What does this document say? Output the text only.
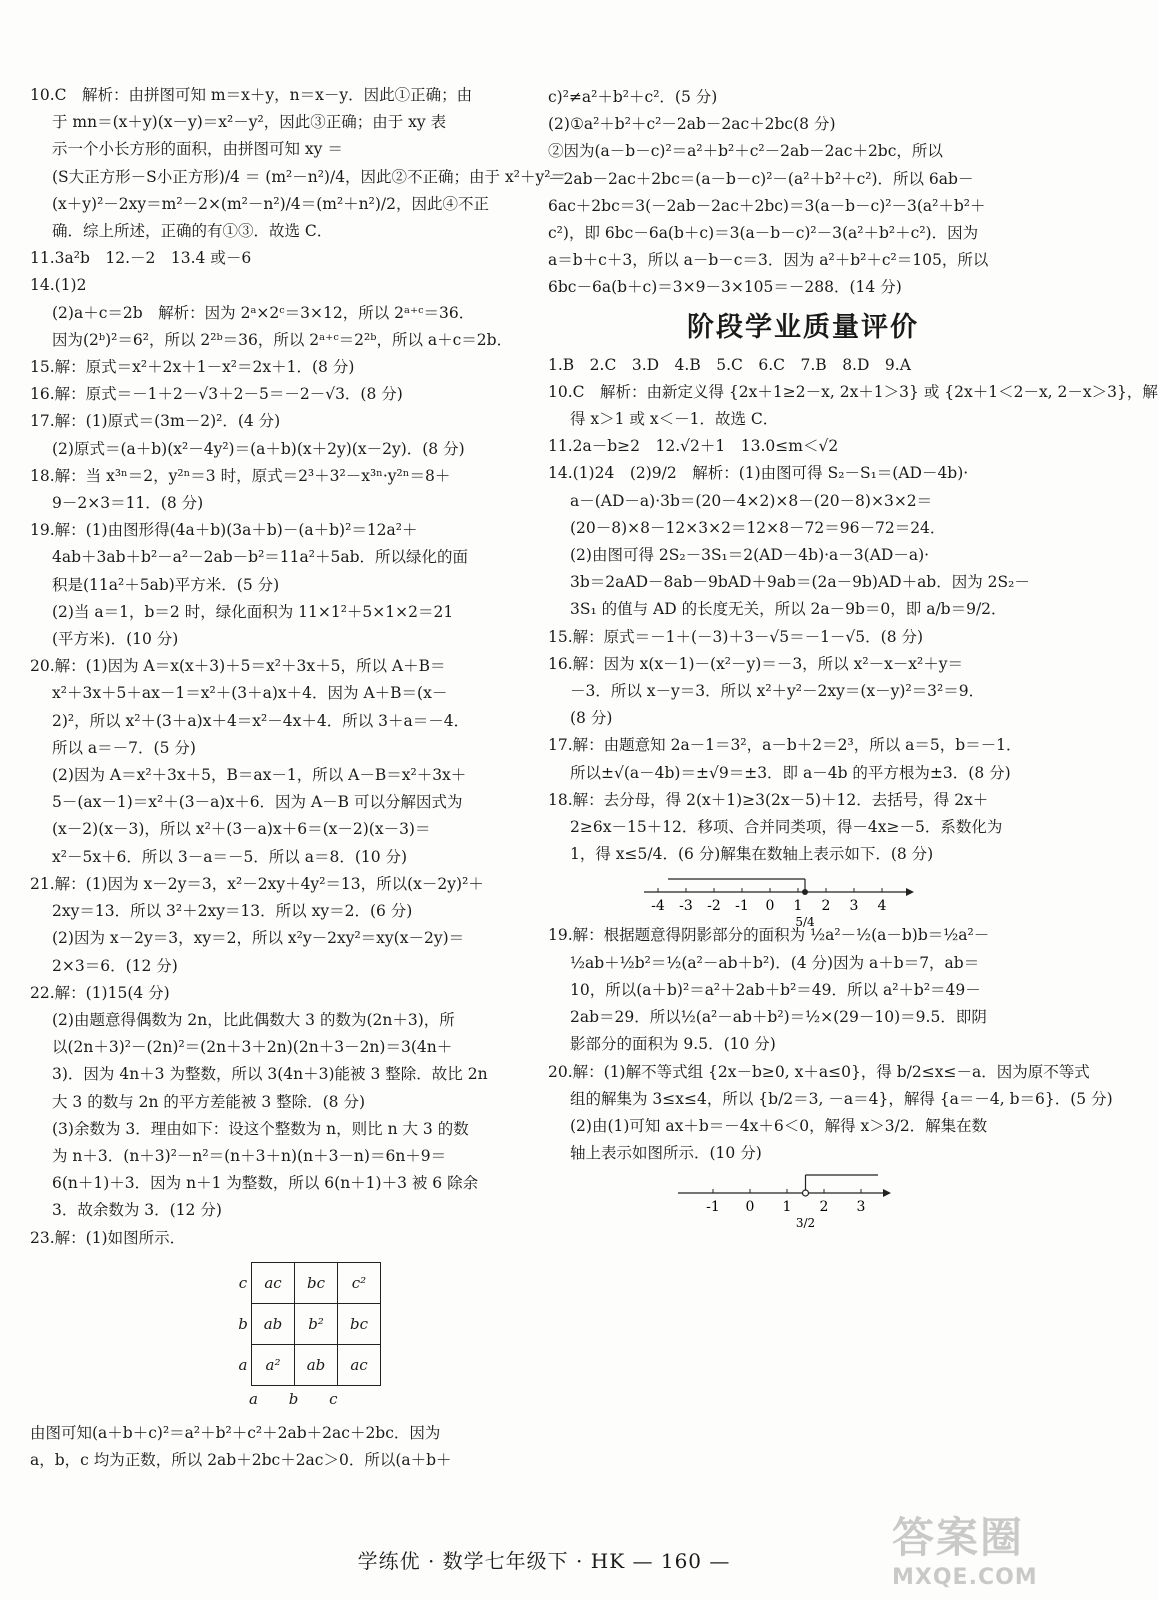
10.C　解析：由拼图可知 m＝x＋y，n＝x－y．因此①正确；由

于 mn＝(x＋y)(x－y)＝x²－y²，因此③正确；由于 xy 表

示一个小长方形的面积，由拼图可知 xy ＝

(S大正方形－S小正方形)/4 ＝ (m²－n²)/4，因此②不正确；由于 x²＋y²＝

(x＋y)²－2xy＝m²－2×(m²－n²)/4＝(m²＋n²)/2，因此④不正

确．综上所述，正确的有①③．故选 C．

11.3a²b　12.－2　13.4 或－6

14.(1)2

(2)a＋c＝2b　解析：因为 2ᵃ×2ᶜ＝3×12，所以 2ᵃ⁺ᶜ＝36．

因为(2ᵇ)²＝6²，所以 2²ᵇ＝36，所以 2ᵃ⁺ᶜ＝2²ᵇ，所以 a＋c＝2b．

15.解：原式＝x²＋2x＋1－x²＝2x＋1．(8 分)

16.解：原式＝－1＋2－√3＋2－5＝－2－√3．(8 分)

17.解：(1)原式＝(3m－2)²．(4 分)

(2)原式＝(a＋b)(x²－4y²)＝(a＋b)(x＋2y)(x－2y)．(8 分)

18.解：当 x³ⁿ＝2，y²ⁿ＝3 时，原式＝2³＋3²－x³ⁿ·y²ⁿ＝8＋

9－2×3＝11．(8 分)

19.解：(1)由图形得(4a＋b)(3a＋b)－(a＋b)²＝12a²＋

4ab＋3ab＋b²－a²－2ab－b²＝11a²＋5ab．所以绿化的面

积是(11a²＋5ab)平方米．(5 分)

(2)当 a＝1，b＝2 时，绿化面积为 11×1²＋5×1×2＝21

(平方米)．(10 分)

20.解：(1)因为 A＝x(x＋3)＋5＝x²＋3x＋5，所以 A＋B＝

x²＋3x＋5＋ax－1＝x²＋(3＋a)x＋4．因为 A＋B＝(x－

2)²，所以 x²＋(3＋a)x＋4＝x²－4x＋4．所以 3＋a＝－4．

所以 a＝－7．(5 分)

(2)因为 A＝x²＋3x＋5，B＝ax－1，所以 A－B＝x²＋3x＋

5－(ax－1)＝x²＋(3－a)x＋6．因为 A－B 可以分解因式为

(x－2)(x－3)，所以 x²＋(3－a)x＋6＝(x－2)(x－3)＝

x²－5x＋6．所以 3－a＝－5．所以 a＝8．(10 分)

21.解：(1)因为 x－2y＝3，x²－2xy＋4y²＝13，所以(x－2y)²＋

2xy＝13．所以 3²＋2xy＝13．所以 xy＝2．(6 分)

(2)因为 x－2y＝3，xy＝2，所以 x²y－2xy²＝xy(x－2y)＝

2×3＝6．(12 分)

22.解：(1)15(4 分)

(2)由题意得偶数为 2n，比此偶数大 3 的数为(2n＋3)，所

以(2n＋3)²－(2n)²＝(2n＋3＋2n)(2n＋3－2n)＝3(4n＋

3)．因为 4n＋3 为整数，所以 3(4n＋3)能被 3 整除．故比 2n

大 3 的数与 2n 的平方差能被 3 整除．(8 分)

(3)余数为 3．理由如下：设这个整数为 n，则比 n 大 3 的数

为 n＋3．(n＋3)²－n²＝(n＋3＋n)(n＋3－n)＝6n＋9＝

6(n＋1)＋3．因为 n＋1 为整数，所以 6(n＋1)＋3 被 6 除余

3．故余数为 3．(12 分)

23.解：(1)如图所示．

c	ac	bc	c²
b	ab	b²	bc
a	a²	ab	ac
a b c

由图可知(a＋b＋c)²＝a²＋b²＋c²＋2ab＋2ac＋2bc．因为

a，b，c 均为正数，所以 2ab＋2bc＋2ac＞0．所以(a＋b＋

c)²≠a²＋b²＋c²．(5 分)

(2)①a²＋b²＋c²－2ab－2ac＋2bc(8 分)

②因为(a－b－c)²＝a²＋b²＋c²－2ab－2ac＋2bc，所以

－2ab－2ac＋2bc＝(a－b－c)²－(a²＋b²＋c²)．所以 6ab－

6ac＋2bc＝3(－2ab－2ac＋2bc)＝3(a－b－c)²－3(a²＋b²＋

c²)，即 6bc－6a(b＋c)＝3(a－b－c)²－3(a²＋b²＋c²)．因为

a＝b＋c＋3，所以 a－b－c＝3．因为 a²＋b²＋c²＝105，所以

6bc－6a(b＋c)＝3×9－3×105＝－288．(14 分)

阶段学业质量评价

1.B　2.C　3.D　4.B　5.C　6.C　7.B　8.D　9.A

10.C　解析：由新定义得 {2x＋1≥2－x, 2x＋1＞3} 或 {2x＋1＜2－x, 2－x＞3}，解

得 x＞1 或 x＜－1．故选 C．

11.2a－b≥2　12.√2＋1　13.0≤m＜√2

14.(1)24　(2)9/2　解析：(1)由图可得 S₂－S₁＝(AD－4b)·

a－(AD－a)·3b＝(20－4×2)×8－(20－8)×3×2＝

(20－8)×8－12×3×2＝12×8－72＝96－72＝24．

(2)由图可得 2S₂－3S₁＝2(AD－4b)·a－3(AD－a)·

3b＝2aAD－8ab－9bAD＋9ab＝(2a－9b)AD＋ab．因为 2S₂－

3S₁ 的值与 AD 的长度无关，所以 2a－9b＝0，即 a/b＝9/2．

15.解：原式＝－1＋(－3)＋3－√5＝－1－√5．(8 分)

16.解：因为 x(x－1)－(x²－y)＝－3，所以 x²－x－x²＋y＝

－3．所以 x－y＝3．所以 x²＋y²－2xy＝(x－y)²＝3²＝9．

(8 分)

17.解：由题意知 2a－1＝3²，a－b＋2＝2³，所以 a＝5，b＝－1．

所以±√(a－4b)＝±√9＝±3．即 a－4b 的平方根为±3．(8 分)

18.解：去分母，得 2(x＋1)≥3(2x－5)＋12．去括号，得 2x＋

2≥6x－15＋12．移项、合并同类项，得－4x≥－5．系数化为

1，得 x≤5/4．(6 分)解集在数轴上表示如下．(8 分)

-4 -3 -2 -1 0 1 2 3 4
5/4

19.解：根据题意得阴影部分的面积为 ½a²－½(a－b)b＝½a²－

½ab＋½b²＝½(a²－ab＋b²)．(4 分)因为 a＋b＝7，ab＝

10，所以(a＋b)²＝a²＋2ab＋b²＝49．所以 a²＋b²＝49－

2ab＝29．所以½(a²－ab＋b²)＝½×(29－10)＝9.5．即阴

影部分的面积为 9.5．(10 分)

20.解：(1)解不等式组 {2x－b≥0, x＋a≤0}，得 b/2≤x≤－a．因为原不等式

组的解集为 3≤x≤4，所以 {b/2＝3, －a＝4}，解得 {a＝－4, b＝6}．(5 分)

(2)由(1)可知 ax＋b＝－4x＋6＜0，解得 x＞3/2．解集在数

轴上表示如图所示．(10 分)

-1 0 1 2 3
3/2
学练优 · 数学七年级下 · HK — 160 —	答案圈
MXQE.COM
